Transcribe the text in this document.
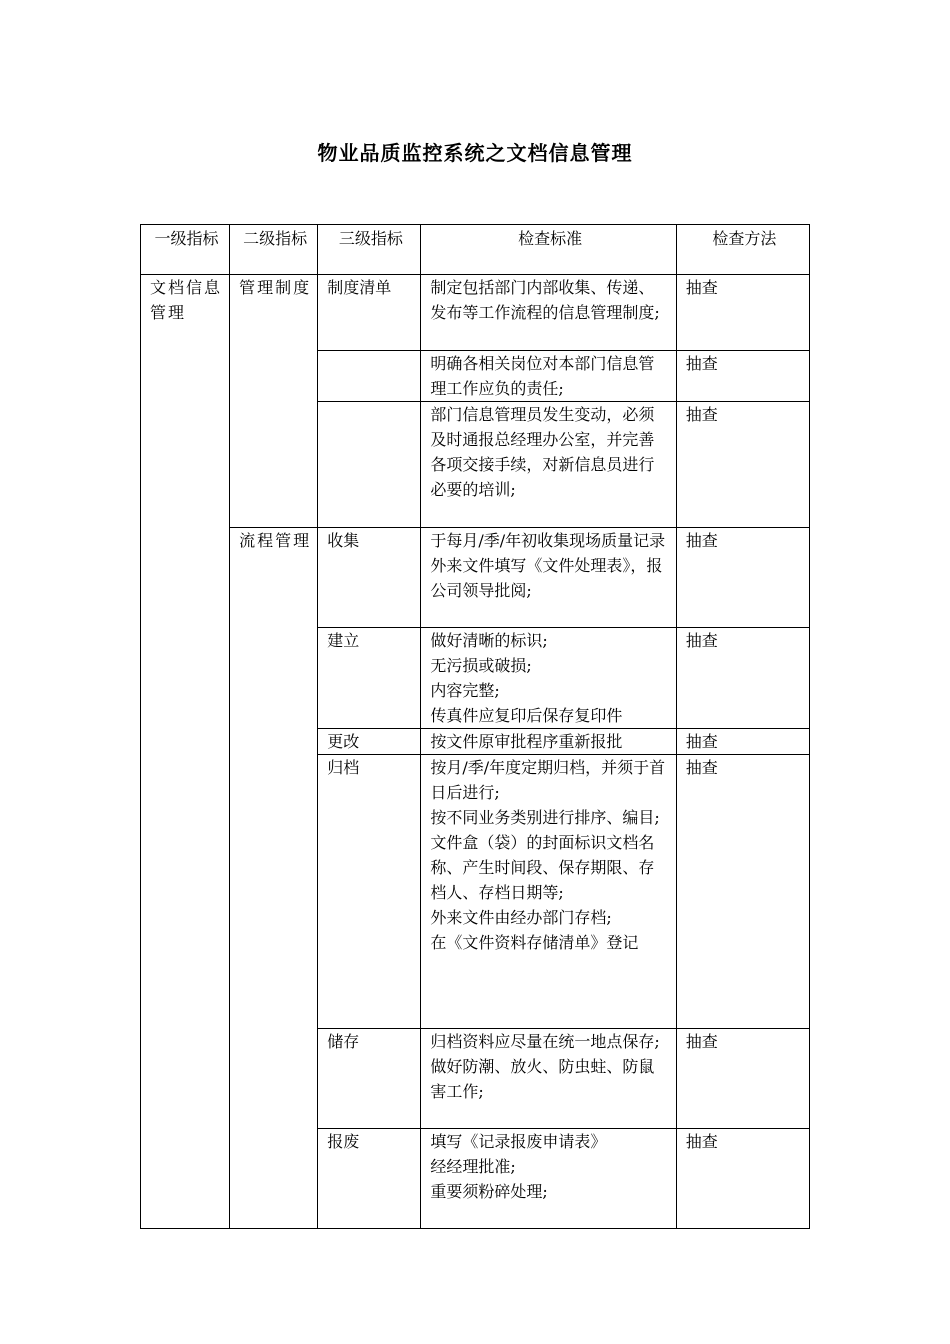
物业品质监控系统之文档信息管理
一级指标	二级指标	三级指标	检查标准	检查方法
文档信息管理	管理制度	制度清单	制定包括部门内部收集、传递、发布等工作流程的信息管理制度;	抽查

			明确各相关岗位对本部门信息管理工作应负的责任;	抽查

			部门信息管理员发生变动，必须及时通报总经理办公室，并完善各项交接手续，对新信息员进行必要的培训;	抽查
	流程管理	收集	于每月/季/年初收集现场质量记录
外来文件填写《文件处理表》，报公司领导批阅;	抽查
		建立	做好清晰的标识;
无污损或破损;
内容完整;
传真件应复印后保存复印件	抽查
		更改	按文件原审批程序重新报批	抽查
		归档	按月/季/年度定期归档，并须于首日后进行;
按不同业务类别进行排序、编目;
文件盒（袋）的封面标识文档名称、产生时间段、保存期限、存档人、存档日期等;
外来文件由经办部门存档;
在《文件资料存储清单》登记	抽查
		储存	归档资料应尽量在统一地点保存;
做好防潮、放火、防虫蛀、防鼠害工作;	抽查
		报废	填写《记录报废申请表》
经经理批准;
重要须粉碎处理;	抽查
